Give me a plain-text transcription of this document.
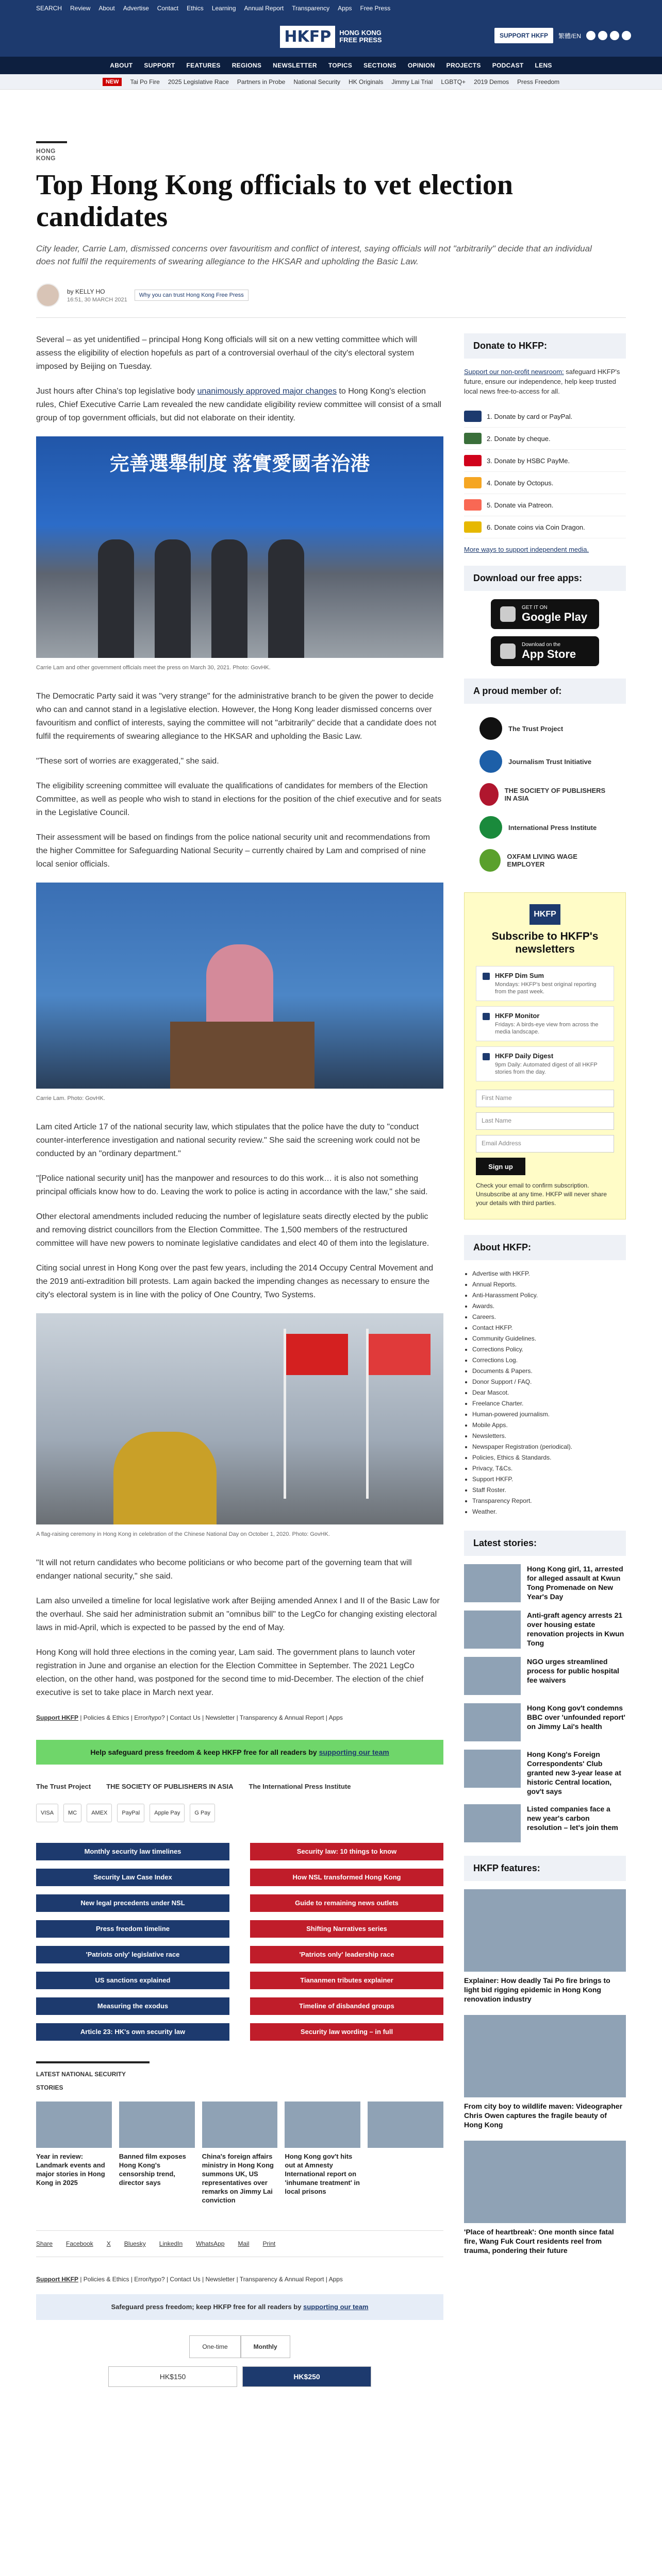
SEARCH Review About Advertise Contact Ethics Learning Annual Report Transparency Apps Free Press
HKFP	HONG KONG
FREE PRESS
SUPPORT HKFP	繁體/EN
ABOUT SUPPORT FEATURES REGIONS NEWSLETTER TOPICS SECTIONS OPINION PROJECTS PODCAST LENS
NEW	Tai Po Fire 2025 Legislative Race Partners in Probe National Security HK Originals Jimmy Lai Trial LGBTQ+ 2019 Demos Press Freedom
HONG KONG
Top Hong Kong officials to vet election candidates

City leader, Carrie Lam, dismissed concerns over favouritism and conflict of interest, saying officials will not "arbitrarily" decide that an individual does not fulfil the requirements of swearing allegiance to the HKSAR and upholding the Basic Law.

by KELLY HO
16:51, 30 MARCH 2021
Why you can trust Hong Kong Free Press

Several – as yet unidentified – principal Hong Kong officials will sit on a new vetting committee which will assess the eligibility of election hopefuls as part of a controversial overhaul of the city's electoral system imposed by Beijing on Tuesday.

Just hours after China's top legislative body unanimously approved major changes to Hong Kong's election rules, Chief Executive Carrie Lam revealed the new candidate eligibility review committee will consist of a small group of top government officials, but did not elaborate on their identity.

完善選舉制度 落實愛國者治港
Carrie Lam and other government officials meet the press on March 30, 2021. Photo: GovHK.

The Democratic Party said it was "very strange" for the administrative branch to be given the power to decide who can and cannot stand in a legislative election. However, the Hong Kong leader dismissed concerns over favouritism and conflict of interests, saying the committee will not "arbitrarily" decide that a candidate does not fulfil the requirements of swearing allegiance to the HKSAR and upholding the Basic Law.

"These sort of worries are exaggerated," she said.

The eligibility screening committee will evaluate the qualifications of candidates for members of the Election Committee, as well as people who wish to stand in elections for the position of the chief executive and for seats in the Legislative Council.

Their assessment will be based on findings from the police national security unit and recommendations from the higher Committee for Safeguarding National Security – currently chaired by Lam and comprised of nine local senior officials.

Carrie Lam. Photo: GovHK.

Lam cited Article 17 of the national security law, which stipulates that the police have the duty to "conduct counter-interference investigation and national security review." She said the screening work could not be conducted by an "ordinary department."

"[Police national security unit] has the manpower and resources to do this work… it is also not something principal officials know how to do. Leaving the work to police is acting in accordance with the law," she said.

Other electoral amendments included reducing the number of legislature seats directly elected by the public and removing district councillors from the Election Committee. The 1,500 members of the restructured committee will have new powers to nominate legislative candidates and elect 40 of them into the legislature.

Citing social unrest in Hong Kong over the past few years, including the 2014 Occupy Central Movement and the 2019 anti-extradition bill protests. Lam again backed the impending changes as necessary to ensure the city's electoral system is in line with the policy of One Country, Two Systems.

A flag-raising ceremony in Hong Kong in celebration of the Chinese National Day on October 1, 2020. Photo: GovHK.

"It will not return candidates who become politicians or who become part of the governing team that will endanger national security," she said.

Lam also unveiled a timeline for local legislative work after Beijing amended Annex I and II of the Basic Law for the overhaul. She said her administration submit an "omnibus bill" to the LegCo for changing existing electoral laws in mid-April, which is expected to be passed by the end of May.

Hong Kong will hold three elections in the coming year, Lam said. The government plans to launch voter registration in June and organise an election for the Election Committee in September. The 2021 LegCo election, on the other hand, was postponed for the second time to mid-December. The election of the chief executive is set to take place in March next year.

Support HKFP | Policies & Ethics | Error/typo? | Contact Us | Newsletter | Transparency & Annual Report | Apps
Help safeguard press freedom & keep HKFP free for all readers by supporting our team
The Trust Project THE SOCIETY OF PUBLISHERS IN ASIA The International Press Institute
VISA	MC	AMEX	PayPal	Apple Pay	G Pay
Monthly security law timelines	Security law: 10 things to know
Security Law Case Index	How NSL transformed Hong Kong
New legal precedents under NSL	Guide to remaining news outlets
Press freedom timeline	Shifting Narratives series
'Patriots only' legislative race	'Patriots only' leadership race
US sanctions explained	Tiananmen tributes explainer
Measuring the exodus	Timeline of disbanded groups
Article 23: HK's own security law	Security law wording – in full
LATEST NATIONAL SECURITY STORIES
Year in review: Landmark events and major stories in Hong Kong in 2025
Banned film exposes Hong Kong's censorship trend, director says
China's foreign affairs ministry in Hong Kong summons UK, US representatives over remarks on Jimmy Lai conviction
Hong Kong gov't hits out at Amnesty International report on 'inhumane treatment' in local prisons
Share Facebook X Bluesky LinkedIn WhatsApp Mail Print
Support HKFP | Policies & Ethics | Error/typo? | Contact Us | Newsletter | Transparency & Annual Report | Apps
Safeguard press freedom; keep HKFP free for all readers by supporting our team
One-time	Monthly
HK$150	HK$250
Donate to HKFP:

Support our non-profit newsroom: safeguard HKFP's future, ensure our independence, help keep trusted local news free-to-access for all.

1. Donate by card or PayPal.
2. Donate by cheque.
3. Donate by HSBC PayMe.
4. Donate by Octopus.
5. Donate via Patreon.
6. Donate coins via Coin Dragon.
More ways to support independent media.
Download our free apps:
GET IT ON
Google Play
Download on the
App Store
A proud member of:
The Trust Project
Journalism Trust Initiative
THE SOCIETY OF PUBLISHERS IN ASIA
International Press Institute
OXFAM LIVING WAGE EMPLOYER
HKFP
Subscribe to HKFP's newsletters
HKFP Dim Sum
Mondays: HKFP's best original reporting from the past week.
HKFP Monitor
Fridays: A birds-eye view from across the media landscape.
HKFP Daily Digest
9pm Daily: Automated digest of all HKFP stories from the day.
First Name
Last Name
Email Address
Sign up
Check your email to confirm subscription. Unsubscribe at any time. HKFP will never share your details with third parties.
About HKFP:
• Advertise with HKFP.
• Annual Reports.
• Anti-Harassment Policy.
• Awards.
• Careers.
• Contact HKFP.
• Community Guidelines.
• Corrections Policy.
• Corrections Log.
• Documents & Papers.
• Donor Support / FAQ.
• Dear Mascot.
• Freelance Charter.
• Human-powered journalism.
• Mobile Apps.
• Newsletters.
• Newspaper Registration (periodical).
• Policies, Ethics & Standards.
• Privacy, T&Cs.
• Support HKFP.
• Staff Roster.
• Transparency Report.
• Weather.
Latest stories:
Hong Kong girl, 11, arrested for alleged assault at Kwun Tong Promenade on New Year's Day
Anti-graft agency arrests 21 over housing estate renovation projects in Kwun Tong
NGO urges streamlined process for public hospital fee waivers
Hong Kong gov't condemns BBC over 'unfounded report' on Jimmy Lai's health
Hong Kong's Foreign Correspondents' Club granted new 3-year lease at historic Central location, gov't says
Listed companies face a new year's carbon resolution – let's join them
HKFP features:
Explainer: How deadly Tai Po fire brings to light bid rigging epidemic in Hong Kong renovation industry
From city boy to wildlife maven: Videographer Chris Owen captures the fragile beauty of Hong Kong
'Place of heartbreak': One month since fatal fire, Wang Fuk Court residents reel from trauma, pondering their future
